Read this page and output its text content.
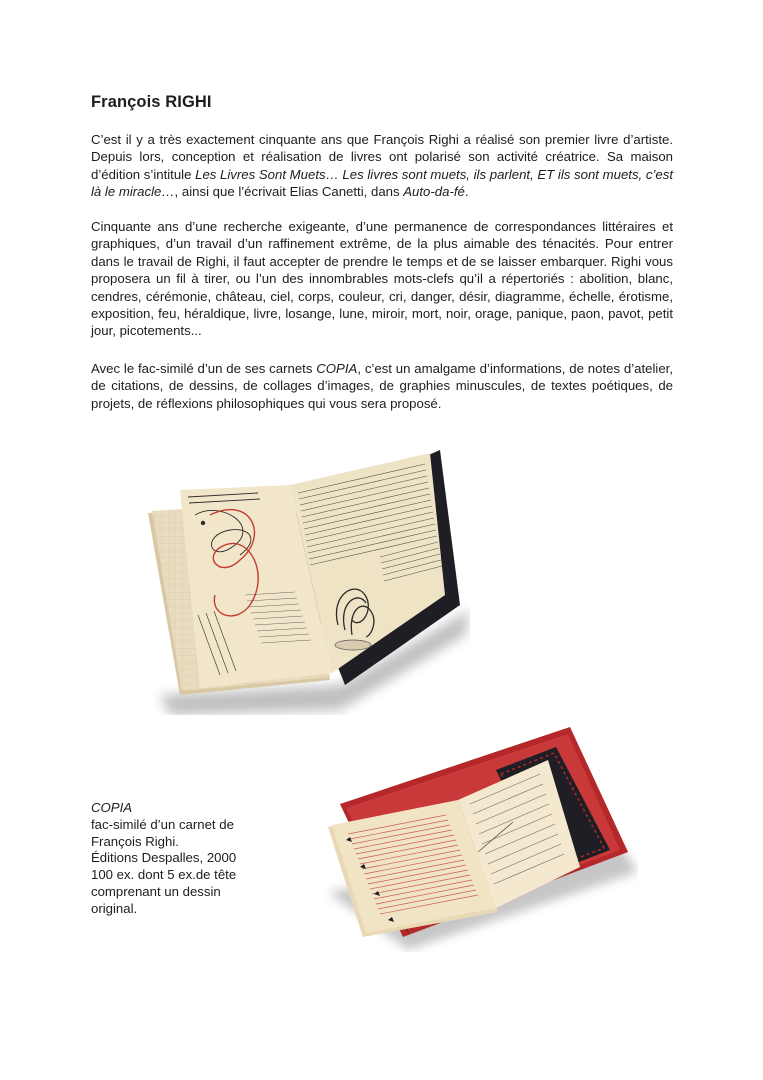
François RIGHI

C’est il y a très exactement cinquante ans que François Righi a réalisé son premier livre d’artiste. Depuis lors, conception et réalisation de livres ont polarisé son activité créatrice. Sa maison d’édition s’intitule Les Livres Sont Muets… Les livres sont muets, ils parlent, ET ils sont muets, c’est là le miracle…, ainsi que l’écrivait Elias Canetti, dans Auto-da-fé.

Cinquante ans d’une recherche exigeante, d’une permanence de correspondances littéraires et graphiques, d’un travail d’un raffinement extrême, de la plus aimable des ténacités. Pour entrer dans le travail de Righi, il faut accepter de prendre le temps et de se laisser embarquer. Righi vous proposera un fil à tirer, ou l’un des innombrables mots-clefs qu’il a répertoriés : abolition, blanc, cendres, cérémonie, château, ciel, corps, couleur, cri, danger, désir, diagramme, échelle, érotisme, exposition, feu, héraldique, livre, losange, lune, miroir, mort, noir, orage, panique, paon, pavot, petit jour, picotements...

Avec le fac-similé d’un de ses carnets COPIA, c’est un amalgame d’informations, de notes d’atelier, de citations, de dessins, de collages d’images, de graphies minuscules, de textes poétiques, de projets, de réflexions philosophiques qui vous sera proposé.

COPIA
fac-similé d’un carnet de
François Righi.
Éditions Despalles, 2000
100 ex. dont 5 ex.de tête
comprenant un dessin
original.
